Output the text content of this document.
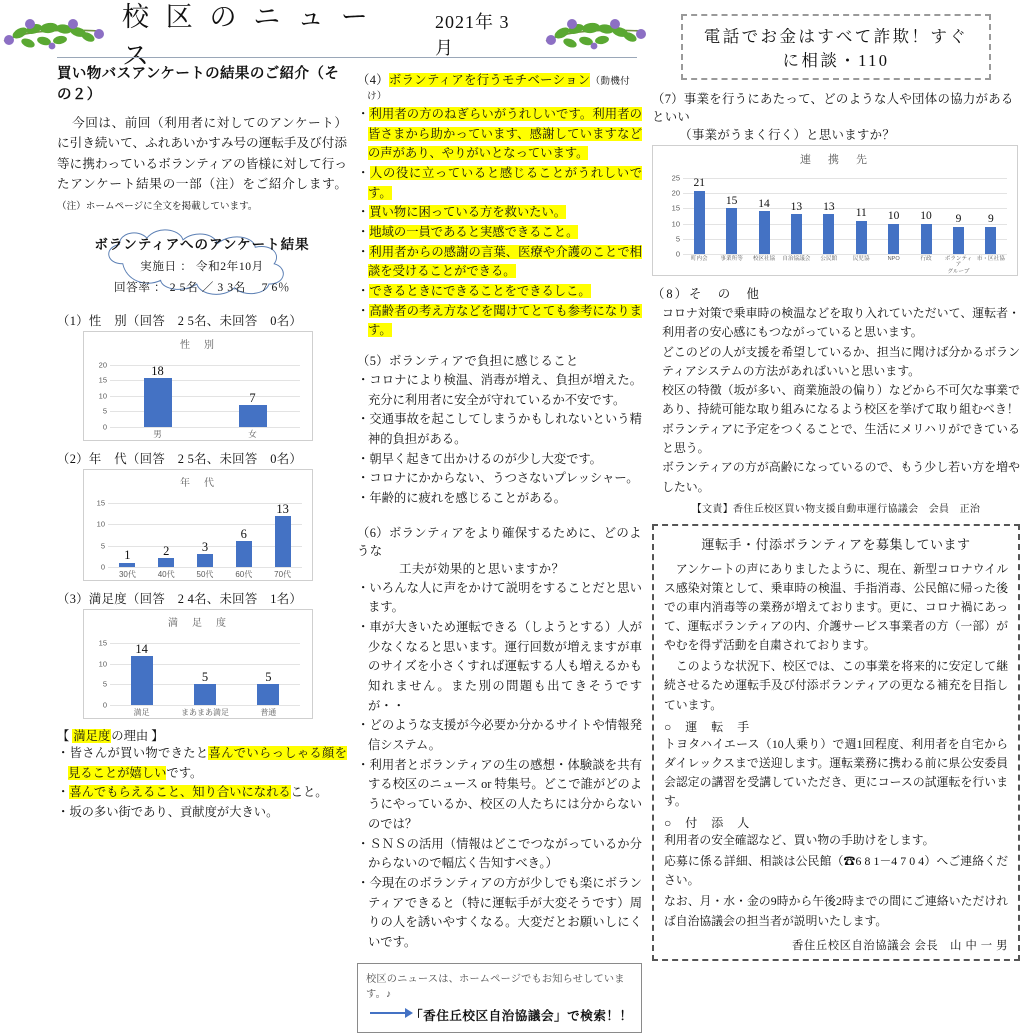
校 区 の ニ ュ ー ス
2021年 3月
買い物バスアンケートの結果のご紹介（その２）

今回は、前回（利用者に対してのアンケート）に引き続いて、ふれあいかすみ号の運転手及び付添等に携わっているボランティアの皆様に対して行ったアンケート結果の一部（注）をご紹介します。 （注）ホームページに全文を掲載しています。

ボランティアへのアンケート結果
実施日 ： 令和2年10月
回答率 ： 2 5名 ／ 3 3名　 7 6％
（1）性　別（回答　2 5名、未回答　0名）
性　別
0
5
10
15
20	18
7
男	女
（2）年　代（回答　2 5名、未回答　0名）
年　代
0
5
10
15
1	2	3
6
13
30代	40代	50代	60代	70代
（3）満足度（回答　2 4名、未回答　1名）
満　足　度
0
5
10
15 14
5	5
満足	まあまあ満足	普通
【 満足度の理由 】
・ 皆さんが買い物できたと喜んでいらっしゃる顔を見ることが嬉しいです。
・ 喜んでもらえること、知り合いになれること。
・ 坂の多い街であり、貢献度が大きい。
（4）ボランティアを行うモチベーション（動機付け）
・ 利用者の方のねぎらいがうれしいです。利用者の皆さまから助かっています、感謝していますなどの声があり、やりがいとなっています。
・ 人の役に立っていると感じることがうれしいです。
・ 買い物に困っている方を救いたい。
・ 地域の一員であると実感できること。
・ 利用者からの感謝の言葉、医療や介護のことで相談を受けることができる。
・ できるときにできることをできるしこ。
・ 高齢者の考え方などを聞けてとても参考になります。
（5）ボランティアで負担に感じること
・ コロナにより検温、消毒が増え、負担が増えた。充分に利用者に安全が守れているか不安です。
・ 交通事故を起こしてしまうかもしれないという精神的負担がある。
・ 朝早く起きて出かけるのが少し大変です。
・ コロナにかからない、うつさないプレッシャー。
・ 年齢的に疲れを感じることがある。
（6）ボランティアをより確保するために、どのような
工夫が効果的と思いますか？
・ いろんな人に声をかけて説明をすることだと思います。
・ 車が大きいため運転できる（しようとする）人が少なくなると思います。運行回数が増えますが車のサイズを小さくすれば運転する人も増えるかも知れません。また別の問題も出てきそうですが・・
・ どのような支援が今必要か分かるサイトや情報発信システム。
・ 利用者とボランティアの生の感想・体験談を共有する校区のニュース or 特集号。どこで誰がどのようにやっているか、校区の人たちには分からないのでは？
・ ＳＮＳの活用（情報はどこでつながっているか分からないので幅広く告知すべき。）
・ 今現在のボランティアの方が少しでも楽にボランティアできると（特に運転手が大変そうです）周りの人を誘いやすくなる。大変だとお願いしにくいです。
校区のニュースは、ホームページでもお知らせしています。♪
「香住丘校区自治協議会」で検索！！
電話でお金はすべて詐欺！すぐに相談・110
（7）事業を行うにあたって、どのような人や団体の協力があるといい
（事業がうまく行く）と思いますか？
連　携　先
0
5
10
15
20
25 21
15 14 13 13
11 10 10 9 9
町内会	事業所等	校区社協	自治協議会	公民館	民児協	NPO	行政	ボランティア
グループ
市・区社協
（8）そ　の　他
コロナ対策で乗車時の検温などを取り入れていただいて、運転者・利用者の安心感にもつながっていると思います。
どこのどの人が支援を希望しているか、担当に聞けば分かるボランティアシステムの方法があればいいと思います。
校区の特徴（坂が多い、商業施設の偏り）などから不可欠な事業であり、持続可能な取り組みになるよう校区を挙げて取り組むべき！
ボランティアに予定をつくることで、生活にメリハリができていると思う。
ボランティアの方が高齢になっているので、もう少し若い方を増やしたい。
【文責】香住丘校区買い物支援自動車運行協議会　会員　正治
運転手・付添ボランティアを募集しています

　アンケートの声にありましたように、現在、新型コロナウイルス感染対策として、乗車時の検温、手指消毒、公民館に帰った後での車内消毒等の業務が増えております。更に、コロナ禍にあって、運転ボランティアの内、介護サービス事業者の方（一部）がやむを得ず活動を自粛されております。

　このような状況下、校区では、この事業を将来的に安定して継続させるため運転手及び付添ボランティアの更なる補充を目指しています。

○　運　転　手

トヨタハイエース（10人乗り）で週1回程度、利用者を自宅からダイレックスまで送迎します。運転業務に携わる前に県公安委員会認定の講習を受講していただき、更にコースの試運転を行います。

○　付　添　人

利用者の安全確認など、買い物の手助けをします。

応募に係る詳細、相談は公民館（☎6 8 1－4 7 0 4）へご連絡ください。

なお、月・水・金の9時から午後2時までの間にご連絡いただければ自治協議会の担当者が説明いたします。

香住丘校区自治協議会 会長　山 中 一 男
